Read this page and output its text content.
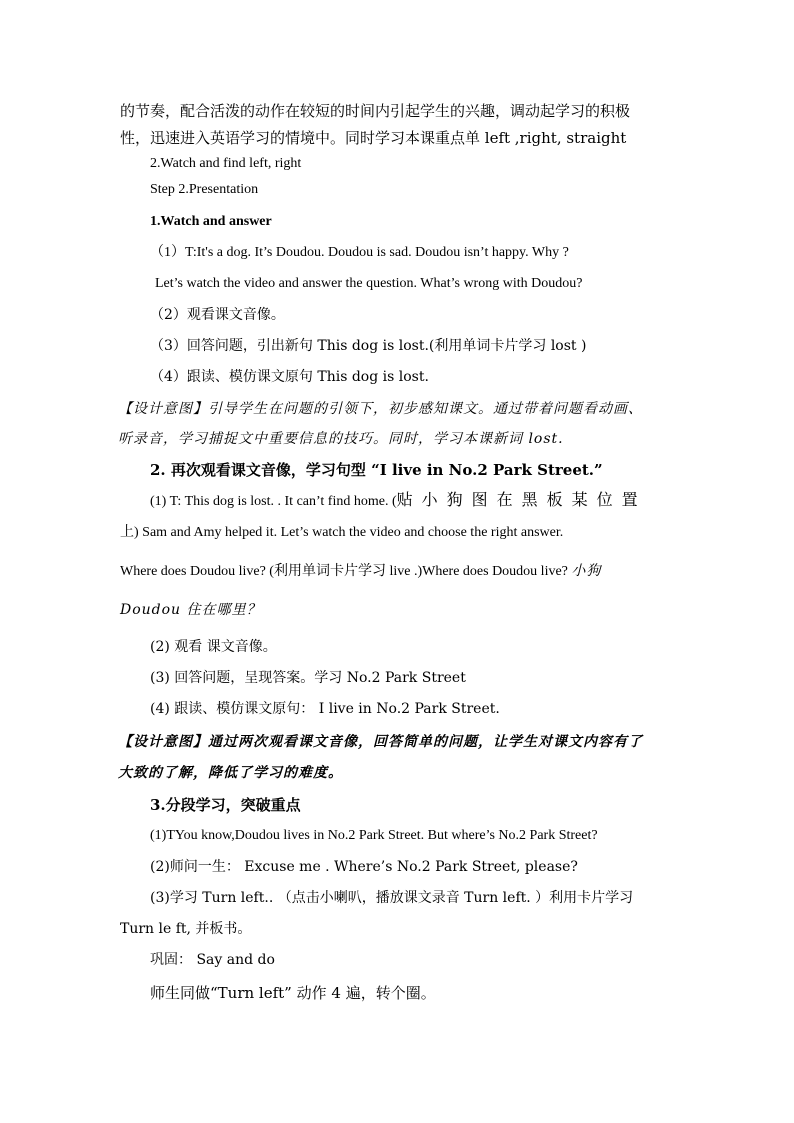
的节奏，配合活泼的动作在较短的时间内引起学生的兴趣，调动起学习的积极
性，迅速进入英语学习的情境中。同时学习本课重点单 left ,right, straight
2.Watch and find left, right
Step 2.Presentation
1.Watch and answer
（1）T:It's a dog. It’s Doudou. Doudou is sad. Doudou isn’t happy. Why ?
Let’s watch the video and answer the question. What’s wrong with Doudou?
（2）观看课文音像。
（3）回答问题，引出新句 This dog is lost.(利用单词卡片学习 lost )
（4）跟读、模仿课文原句 This dog is lost.
【设计意图】引导学生在问题的引领下，初步感知课文。通过带着问题看动画、
听录音，学习捕捉文中重要信息的技巧。同时，学习本课新词 lost.
2. 再次观看课文音像，学习句型 “I live in No.2 Park Street.”
(1) T: This dog is lost. . It can’t find home. (贴小狗图在黑板某位置
上) Sam and Amy helped it. Let’s watch the video and choose the right answer.
Where does Doudou live? (利用单词卡片学习 live .)Where does Doudou live? 小狗
Doudou 住在哪里？
(2) 观看 课文音像。
(3) 回答问题，呈现答案。学习 No.2 Park Street
(4) 跟读、模仿课文原句： I live in No.2 Park Street.
【设计意图】通过两次观看课文音像，回答简单的问题，让学生对课文内容有了
大致的了解，降低了学习的难度。
3.分段学习，突破重点
(1)TYou know,Doudou lives in No.2 Park Street. But where’s No.2 Park Street?
(2)师问一生： Excuse me . Where’s No.2 Park Street, please?
(3)学习 Turn left.. （点击小喇叭，播放课文录音 Turn left. ）利用卡片学习
Turn le ft, 并板书。
巩固： Say and do
师生同做“Turn left” 动作 4 遍，转个圈。
